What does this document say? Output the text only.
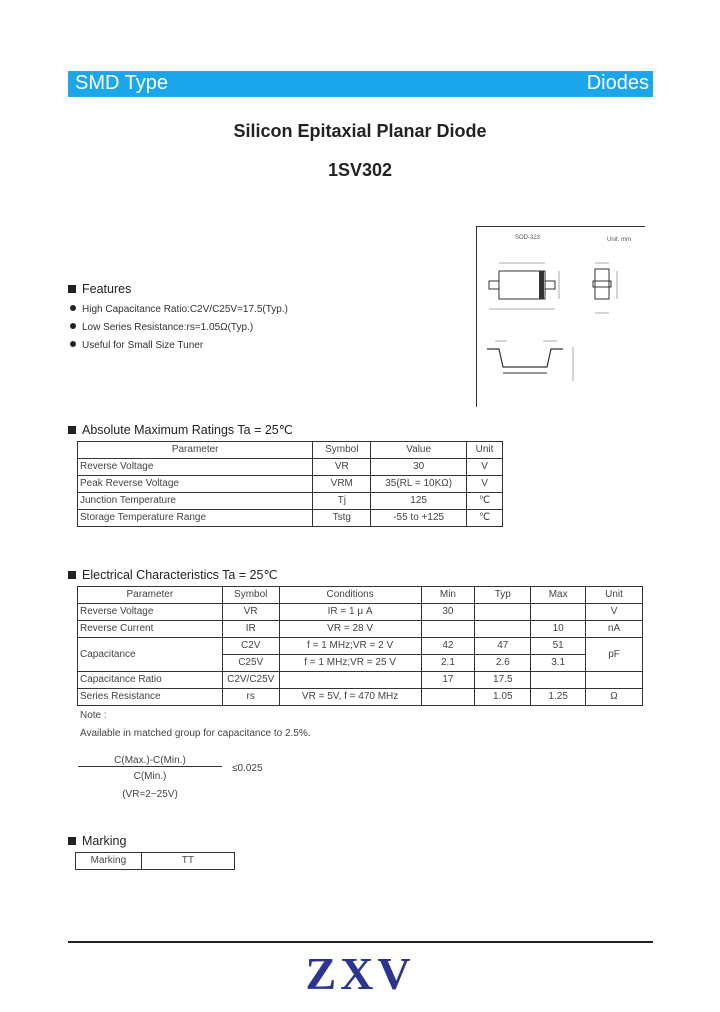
SMD Type	Diodes
Silicon Epitaxial Planar Diode
1SV302
SOD-323	Unit: mm
Features
High Capacitance Ratio:C2V/C25V=17.5(Typ.)
Low Series Resistance:rs=1.05Ω(Typ.)
Useful for Small Size Tuner
Absolute Maximum Ratings Ta = 25℃
Parameter	Symbol	Value	Unit
Reverse Voltage	VR	30	V
Peak Reverse Voltage	VRM	35(RL = 10KΩ)	V
Junction Temperature	Tj	125	℃
Storage Temperature Range	Tstg	-55 to +125	℃
Electrical Characteristics Ta = 25℃
Parameter	Symbol	Conditions	Min	Typ	Max	Unit
Reverse Voltage	VR	IR = 1 μ A	30			V
Reverse Current	IR	VR = 28 V			10	nA
Capacitance	C2V	f = 1 MHz;VR = 2 V	42	47	51	pF
	C25V	f = 1 MHz;VR = 25 V	2.1	2.6	3.1	
Capacitance Ratio	C2V/C25V		17	17.5		
Series Resistance	rs	VR = 5V, f = 470 MHz		1.05	1.25	Ω
Note :
Available in matched group for capacitance to 2.5%.
C(Max.)-C(Min.)
C(Min.)
(VR=2~25V)
≤0.025
Marking
Marking	TT
ZXV
